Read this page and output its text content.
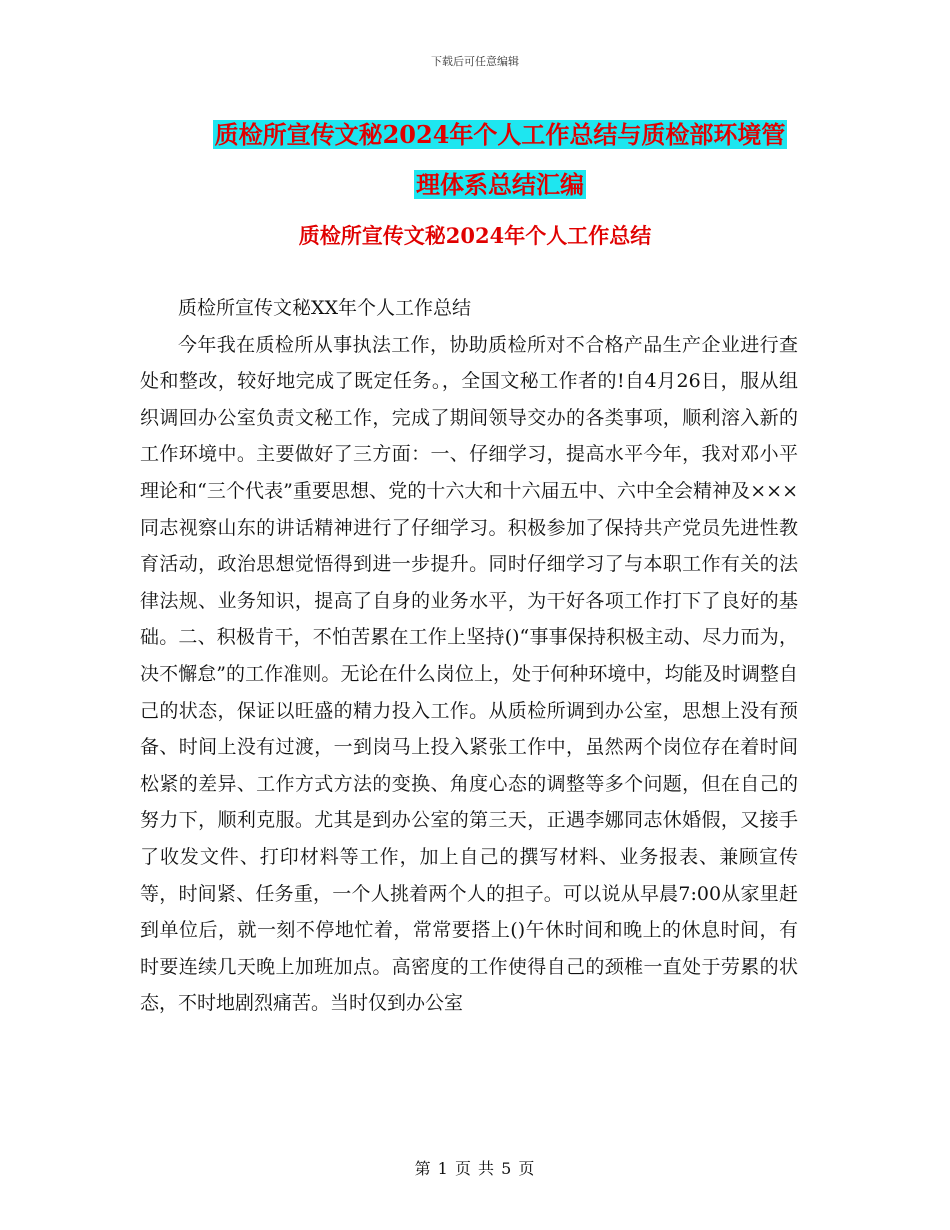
下载后可任意编辑
质检所宣传文秘2024年个人工作总结与质检部环境管
理体系总结汇编
质检所宣传文秘2024年个人工作总结

质检所宣传文秘XX年个人工作总结

今年我在质检所从事执法工作，协助质检所对不合格产品生产企业进行查处和整改，较好地完成了既定任务。，全国文秘工作者的!自4月26日，服从组织调回办公室负责文秘工作，完成了期间领导交办的各类事项，顺利溶入新的工作环境中。主要做好了三方面：一、仔细学习，提高水平今年，我对邓小平理论和“三个代表”重要思想、党的十六大和十六届五中、六中全会精神及×××同志视察山东的讲话精神进行了仔细学习。积极参加了保持共产党员先进性教育活动，政治思想觉悟得到进一步提升。同时仔细学习了与本职工作有关的法律法规、业务知识，提高了自身的业务水平，为干好各项工作打下了良好的基础。二、积极肯干，不怕苦累在工作上坚持()“事事保持积极主动、尽力而为，决不懈怠”的工作准则。无论在什么岗位上，处于何种环境中，均能及时调整自己的状态，保证以旺盛的精力投入工作。从质检所调到办公室，思想上没有预备、时间上没有过渡，一到岗马上投入紧张工作中，虽然两个岗位存在着时间松紧的差异、工作方式方法的变换、角度心态的调整等多个问题，但在自己的努力下，顺利克服。尤其是到办公室的第三天，正遇李娜同志休婚假，又接手了收发文件、打印材料等工作，加上自己的撰写材料、业务报表、兼顾宣传等，时间紧、任务重，一个人挑着两个人的担子。可以说从早晨7:00从家里赶到单位后，就一刻不停地忙着，常常要搭上()午休时间和晚上的休息时间，有时要连续几天晚上加班加点。高密度的工作使得自己的颈椎一直处于劳累的状态，不时地剧烈痛苦。当时仅到办公室

第 1 页 共 5 页
